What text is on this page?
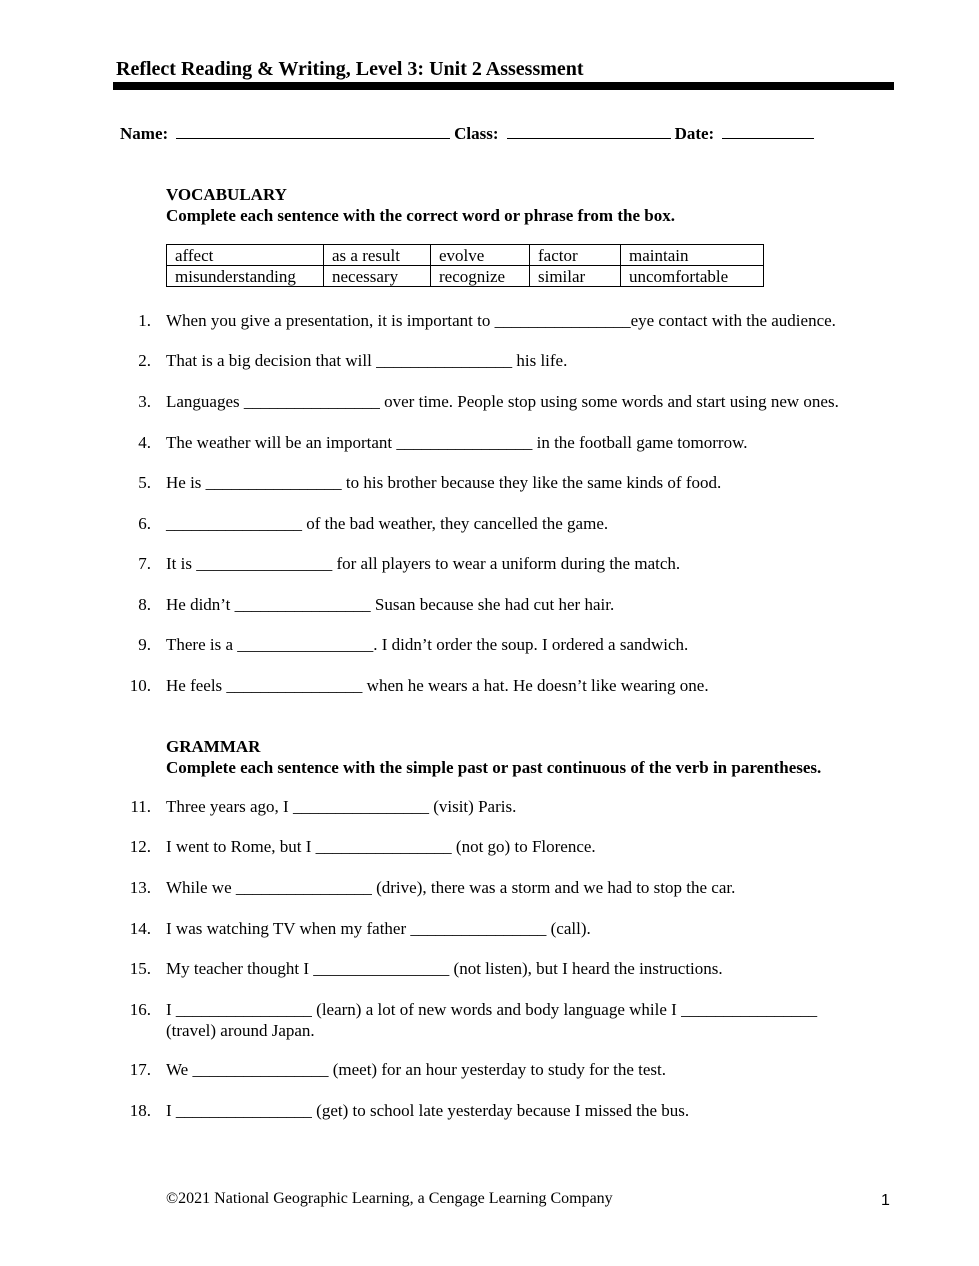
Reflect Reading & Writing, Level 3: Unit 2 Assessment
Name:	Class:	Date:
VOCABULARY
Complete each sentence with the correct word or phrase from the box.
affect	as a result	evolve	factor	maintain
misunderstanding	necessary	recognize	similar	uncomfortable
1. When you give a presentation, it is important to ________________eye contact with the audience.
2. That is a big decision that will ________________ his life.
3. Languages ________________ over time. People stop using some words and start using new ones.
4. The weather will be an important ________________ in the football game tomorrow.
5. He is ________________ to his brother because they like the same kinds of food.
6. ________________ of the bad weather, they cancelled the game.
7. It is ________________ for all players to wear a uniform during the match.
8. He didn’t ________________ Susan because she had cut her hair.
9. There is a ________________. I didn’t order the soup. I ordered a sandwich.
10. He feels ________________ when he wears a hat. He doesn’t like wearing one.
GRAMMAR
Complete each sentence with the simple past or past continuous of the verb in parentheses.
11. Three years ago, I ________________ (visit) Paris.
12. I went to Rome, but I ________________ (not go) to Florence.
13. While we ________________ (drive), there was a storm and we had to stop the car.
14. I was watching TV when my father ________________ (call).
15. My teacher thought I ________________ (not listen), but I heard the instructions.
16. I ________________ (learn) a lot of new words and body language while I ________________ (travel) around Japan.
17. We ________________ (meet) for an hour yesterday to study for the test.
18. I ________________ (get) to school late yesterday because I missed the bus.
©2021 National Geographic Learning, a Cengage Learning Company	1
